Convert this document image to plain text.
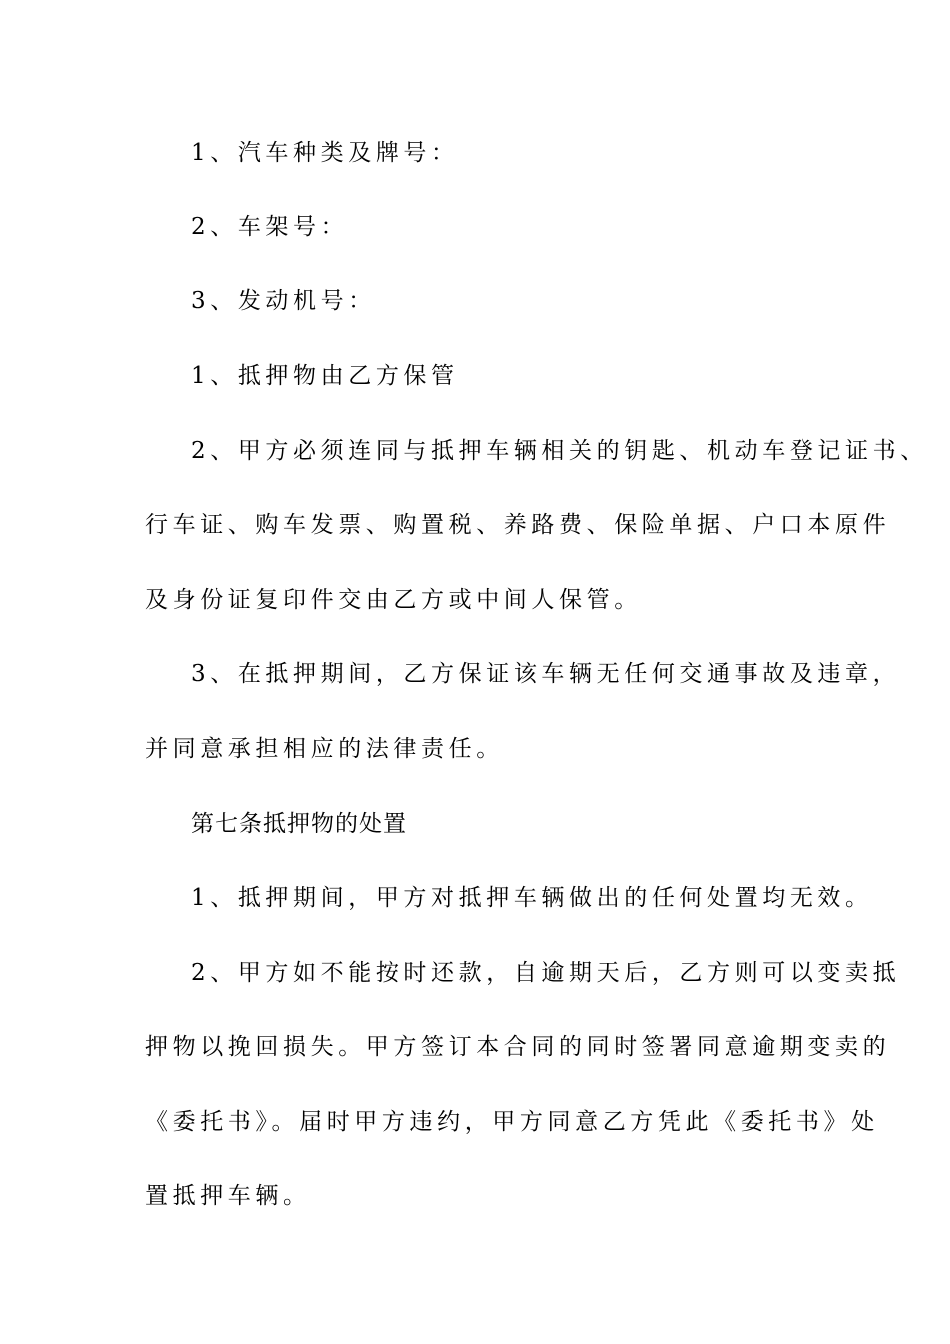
1、汽车种类及牌号：
2、车架号：
3、发动机号：
1、抵押物由乙方保管
2、甲方必须连同与抵押车辆相关的钥匙、机动车登记证书、
行车证、购车发票、购置税、养路费、保险单据、户口本原件
及身份证复印件交由乙方或中间人保管。
3、在抵押期间，乙方保证该车辆无任何交通事故及违章，
并同意承担相应的法律责任。
第七条抵押物的处置
1、抵押期间，甲方对抵押车辆做出的任何处置均无效。
2、甲方如不能按时还款，自逾期天后，乙方则可以变卖抵
押物以挽回损失。甲方签订本合同的同时签署同意逾期变卖的
《委托书》。届时甲方违约，甲方同意乙方凭此《委托书》处
置抵押车辆。
